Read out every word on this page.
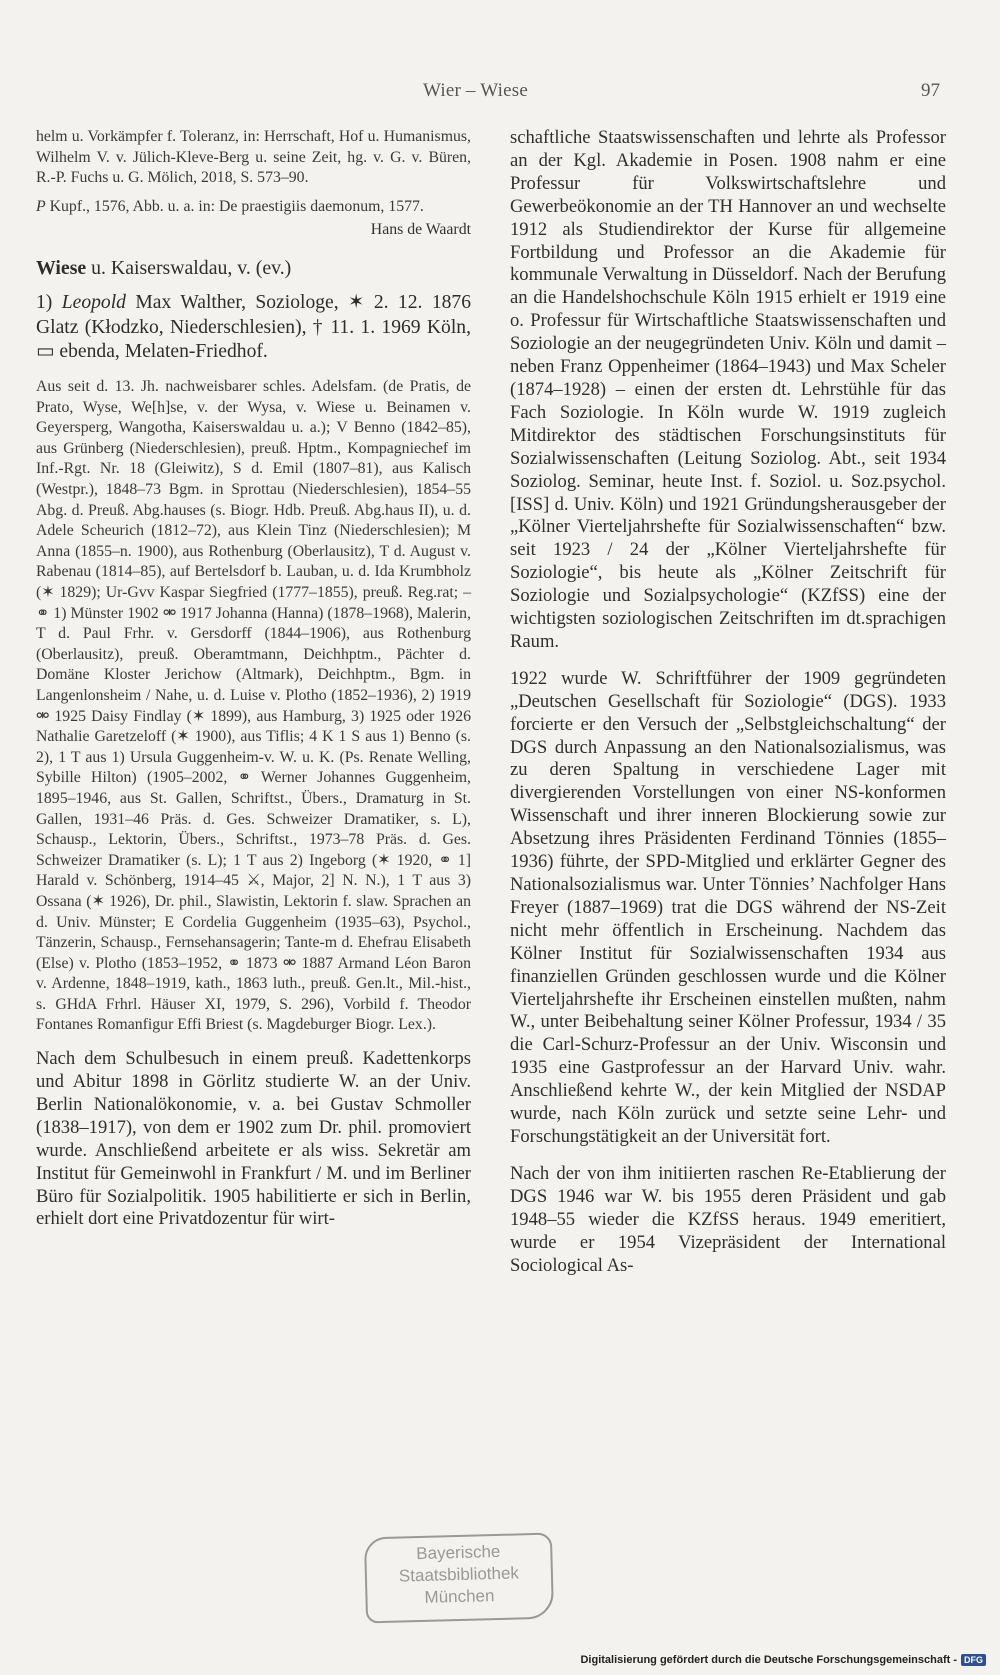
Wier – Wiese	97

helm u. Vorkämpfer f. Toleranz, in: Herrschaft, Hof u. Humanismus, Wilhelm V. v. Jülich-Kleve-Berg u. seine Zeit, hg. v. G. v. Büren, R.-P. Fuchs u. G. Mölich, 2018, S. 573–90.

P Kupf., 1576, Abb. u. a. in: De praestigiis daemonum, 1577.

Hans de Waardt

Wiese u. Kaiserswaldau, v. (ev.)

1) Leopold Max Walther, Soziologe, ✶ 2. 12. 1876 Glatz (Kłodzko, Niederschlesien), † 11. 1. 1969 Köln, ▭ ebenda, Melaten-Friedhof.

Aus seit d. 13. Jh. nachweisbarer schles. Adelsfam. (de Pratis, de Prato, Wyse, We[h]se, v. der Wysa, v. Wiese u. Beinamen v. Geyersperg, Wangotha, Kaiserswaldau u. a.); V Benno (1842–85), aus Grünberg (Niederschlesien), preuß. Hptm., Kompagniechef im Inf.-Rgt. Nr. 18 (Gleiwitz), S d. Emil (1807–81), aus Kalisch (Westpr.), 1848–73 Bgm. in Sprottau (Niederschlesien), 1854–55 Abg. d. Preuß. Abg.hauses (s. Biogr. Hdb. Preuß. Abg.haus II), u. d. Adele Scheurich (1812–72), aus Klein Tinz (Niederschlesien); M Anna (1855–n. 1900), aus Rothenburg (Oberlausitz), T d. August v. Rabenau (1814–85), auf Bertelsdorf b. Lauban, u. d. Ida Krumbholz (✶ 1829); Ur-Gvv Kaspar Siegfried (1777–1855), preuß. Reg.rat; – ⚭ 1) Münster 1902 ⚮ 1917 Johanna (Hanna) (1878–1968), Malerin, T d. Paul Frhr. v. Gersdorff (1844–1906), aus Rothenburg (Oberlausitz), preuß. Oberamtmann, Deichhptm., Pächter d. Domäne Kloster Jerichow (Altmark), Deichhptm., Bgm. in Langenlonsheim / Nahe, u. d. Luise v. Plotho (1852–1936), 2) 1919 ⚮ 1925 Daisy Findlay (✶ 1899), aus Hamburg, 3) 1925 oder 1926 Nathalie Garetzeloff (✶ 1900), aus Tiflis; 4 K 1 S aus 1) Benno (s. 2), 1 T aus 1) Ursula Guggenheim-v. W. u. K. (Ps. Renate Welling, Sybille Hilton) (1905–2002, ⚭ Werner Johannes Guggenheim, 1895–1946, aus St. Gallen, Schriftst., Übers., Dramaturg in St. Gallen, 1931–46 Präs. d. Ges. Schweizer Dramatiker, s. L), Schausp., Lektorin, Übers., Schriftst., 1973–78 Präs. d. Ges. Schweizer Dramatiker (s. L); 1 T aus 2) Ingeborg (✶ 1920, ⚭ 1] Harald v. Schönberg, 1914–45 ⚔, Major, 2] N. N.), 1 T aus 3) Ossana (✶ 1926), Dr. phil., Slawistin, Lektorin f. slaw. Sprachen an d. Univ. Münster; E Cordelia Guggenheim (1935–63), Psychol., Tänzerin, Schausp., Fernsehansagerin; Tante-m d. Ehefrau Elisabeth (Else) v. Plotho (1853–1952, ⚭ 1873 ⚮ 1887 Armand Léon Baron v. Ardenne, 1848–1919, kath., 1863 luth., preuß. Gen.lt., Mil.-hist., s. GHdA Frhrl. Häuser XI, 1979, S. 296), Vorbild f. Theodor Fontanes Romanfigur Effi Briest (s. Magdeburger Biogr. Lex.).

Nach dem Schulbesuch in einem preuß. Kadettenkorps und Abitur 1898 in Görlitz studierte W. an der Univ. Berlin Nationalökonomie, v. a. bei Gustav Schmoller (1838–1917), von dem er 1902 zum Dr. phil. promoviert wurde. Anschließend arbeitete er als wiss. Sekretär am Institut für Gemeinwohl in Frankfurt / M. und im Berliner Büro für Sozialpolitik. 1905 habilitierte er sich in Berlin, erhielt dort eine Privatdozentur für wirt-

schaftliche Staatswissenschaften und lehrte als Professor an der Kgl. Akademie in Posen. 1908 nahm er eine Professur für Volkswirtschaftslehre und Gewerbeökonomie an der TH Hannover an und wechselte 1912 als Studiendirektor der Kurse für allgemeine Fortbildung und Professor an die Akademie für kommunale Verwaltung in Düsseldorf. Nach der Berufung an die Handelshochschule Köln 1915 erhielt er 1919 eine o. Professur für Wirtschaftliche Staatswissenschaften und Soziologie an der neugegründeten Univ. Köln und damit – neben Franz Oppenheimer (1864–1943) und Max Scheler (1874–1928) – einen der ersten dt. Lehrstühle für das Fach Soziologie. In Köln wurde W. 1919 zugleich Mitdirektor des städtischen Forschungsinstituts für Sozialwissenschaften (Leitung Soziolog. Abt., seit 1934 Soziolog. Seminar, heute Inst. f. Soziol. u. Soz.psychol. [ISS] d. Univ. Köln) und 1921 Gründungsherausgeber der „Kölner Vierteljahrshefte für Sozialwissenschaften“ bzw. seit 1923 / 24 der „Kölner Vierteljahrshefte für Soziologie“, bis heute als „Kölner Zeitschrift für Soziologie und Sozialpsychologie“ (KZfSS) eine der wichtigsten soziologischen Zeitschriften im dt.sprachigen Raum.

1922 wurde W. Schriftführer der 1909 gegründeten „Deutschen Gesellschaft für Soziologie“ (DGS). 1933 forcierte er den Versuch der „Selbstgleichschaltung“ der DGS durch Anpassung an den Nationalsozialismus, was zu deren Spaltung in verschiedene Lager mit divergierenden Vorstellungen von einer NS-konformen Wissenschaft und ihrer inneren Blockierung sowie zur Absetzung ihres Präsidenten Ferdinand Tönnies (1855–1936) führte, der SPD-Mitglied und erklärter Gegner des Nationalsozialismus war. Unter Tönnies’ Nachfolger Hans Freyer (1887–1969) trat die DGS während der NS-Zeit nicht mehr öffentlich in Erscheinung. Nachdem das Kölner Institut für Sozialwissenschaften 1934 aus finanziellen Gründen geschlossen wurde und die Kölner Vierteljahrshefte ihr Erscheinen einstellen mußten, nahm W., unter Beibehaltung seiner Kölner Professur, 1934 / 35 die Carl-Schurz-Professur an der Univ. Wisconsin und 1935 eine Gastprofessur an der Harvard Univ. wahr. Anschließend kehrte W., der kein Mitglied der NSDAP wurde, nach Köln zurück und setzte seine Lehr- und Forschungstätigkeit an der Universität fort.

Nach der von ihm initiierten raschen Re-Etablierung der DGS 1946 war W. bis 1955 deren Präsident und gab 1948–55 wieder die KZfSS heraus. 1949 emeritiert, wurde er 1954 Vizepräsident der International Sociological As-

Bayerische
Staatsbibliothek
München
Digitalisierung gefördert durch die Deutsche Forschungsgemeinschaft - DFG
